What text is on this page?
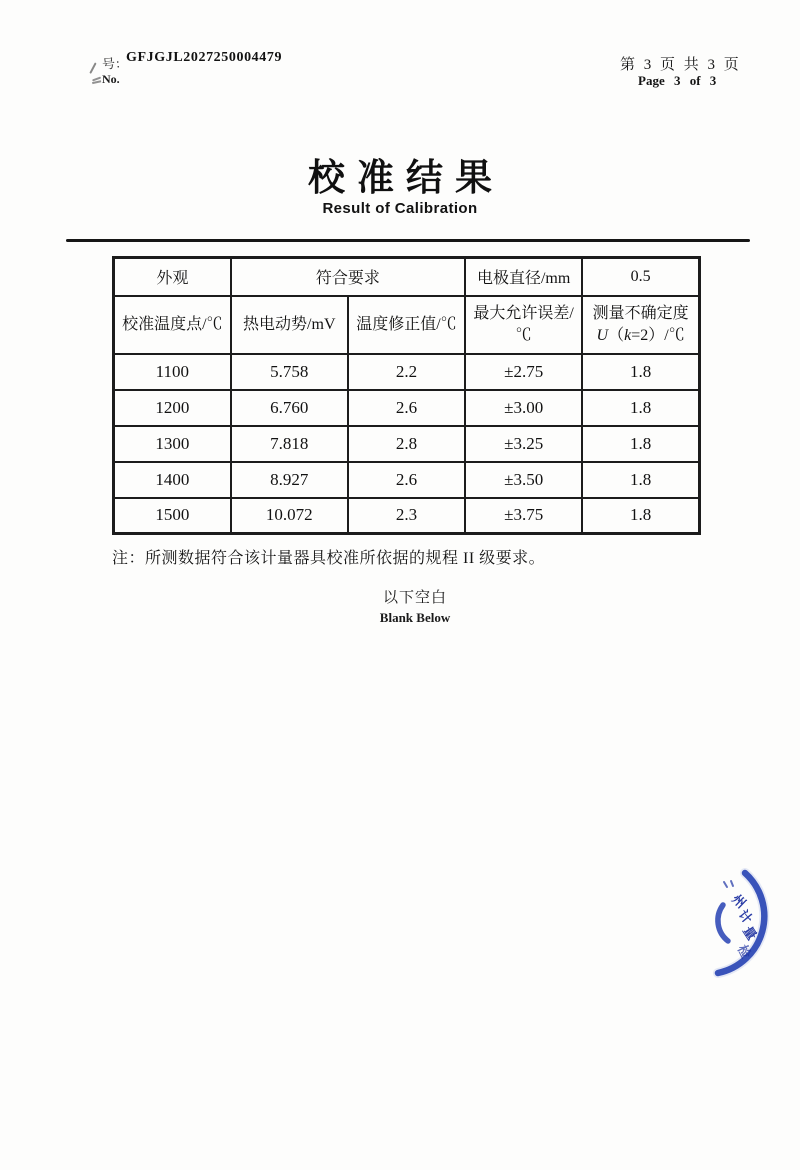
号: GFJGJL2027250004479
No.
第 3 页 共 3 页
Page 3 of 3
校准结果
Result of Calibration
外观	符合要求		电极直径/mm	0.5
校准温度点/℃	热电动势/mV	温度修正值/℃	最大允许误差/℃	测量不确定度
U（k=2）/℃
1100	5.758	2.2	±2.75	1.8
1200	6.760	2.6	±3.00	1.8
1300	7.818	2.8	±3.25	1.8
1400	8.927	2.6	±3.50	1.8
1500	10.072	2.3	±3.75	1.8
注：所测数据符合该计量器具校准所依据的规程 II 级要求。
以下空白
Blank Below
州
计
量
检
